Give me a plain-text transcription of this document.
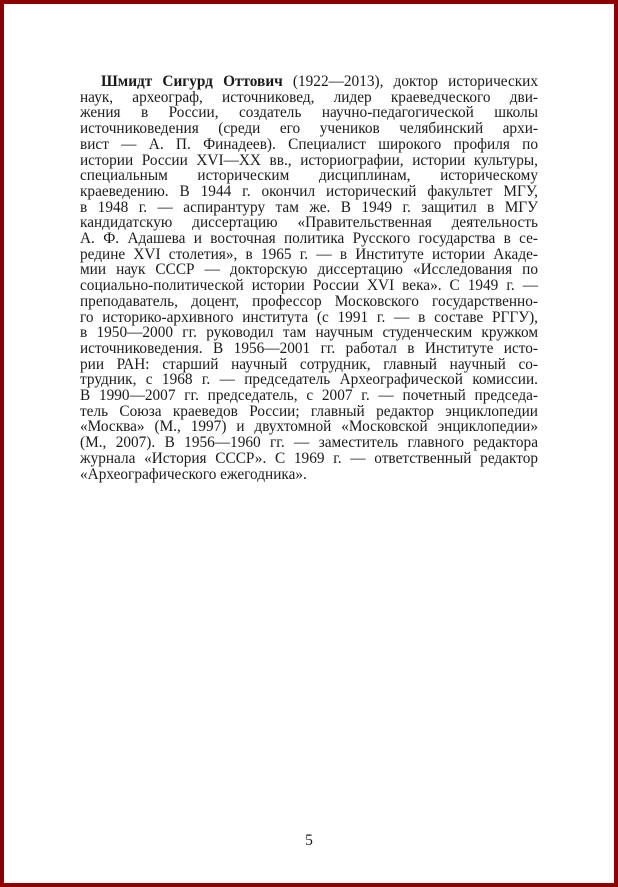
Шмидт Сигурд Оттович (1922—2013), доктор исторических
наук, археограф, источниковед, лидер краеведческого дви-
жения в России, создатель научно-педагогической школы
источниковедения (среди его учеников челябинский архи-
вист — А. П. Финадеев). Специалист широкого профиля по
истории России XVI—XX вв., историографии, истории культуры,
специальным историческим дисциплинам, историческому
краеведению. В 1944 г. окончил исторический факультет МГУ,
в 1948 г. — аспирантуру там же. В 1949 г. защитил в МГУ
кандидатскую диссертацию «Правительственная деятельность
А. Ф. Адашева и восточная политика Русского государства в се-
редине XVI столетия», в 1965 г. — в Институте истории Акаде-
мии наук СССР — докторскую диссертацию «Исследования по
социально-политической истории России XVI века». С 1949 г. —
преподаватель, доцент, профессор Московского государственно-
го историко-архивного института (с 1991 г. — в составе РГГУ),
в 1950—2000 гг. руководил там научным студенческим кружком
источниковедения. В 1956—2001 гг. работал в Институте исто-
рии РАН: старший научный сотрудник, главный научный со-
трудник, с 1968 г. — председатель Археографической комиссии.
В 1990—2007 гг. председатель, с 2007 г. — почетный председа-
тель Союза краеведов России; главный редактор энциклопедии
«Москва» (М., 1997) и двухтомной «Московской энциклопедии»
(М., 2007). В 1956—1960 гг. — заместитель главного редактора
журнала «История СССР». С 1969 г. — ответственный редактор
«Археографического ежегодника».
5
